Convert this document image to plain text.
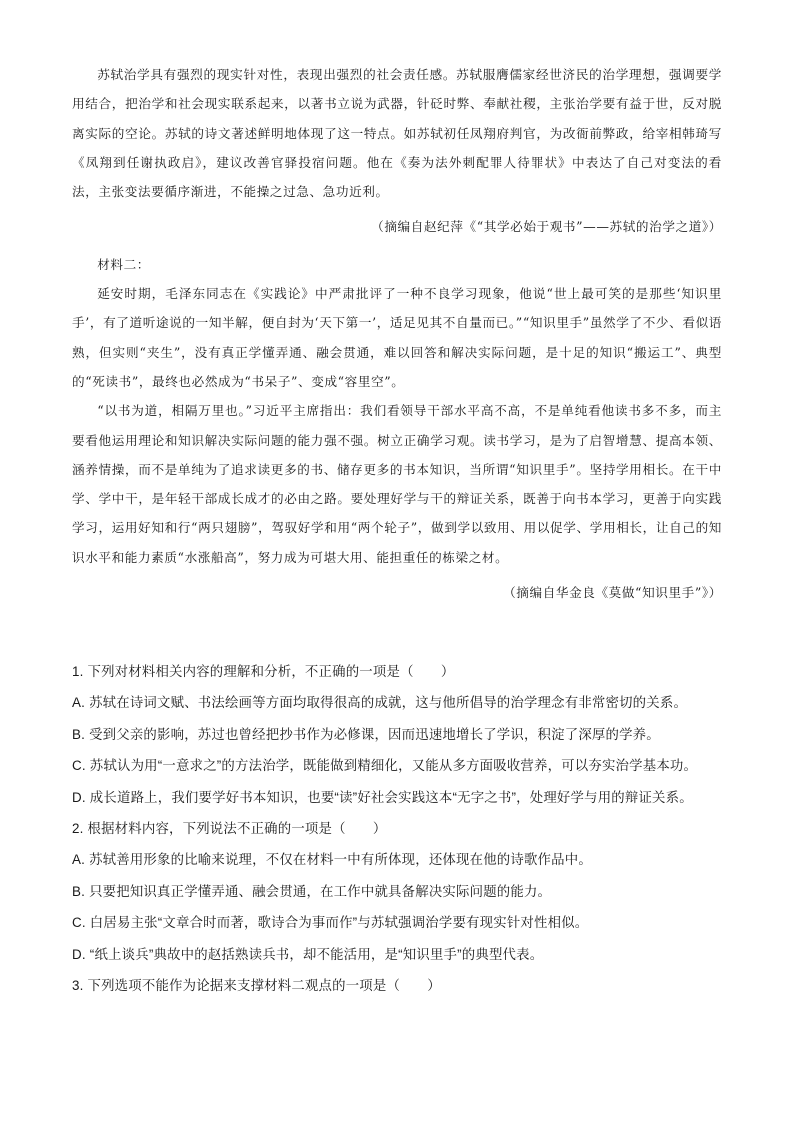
苏轼治学具有强烈的现实针对性，表现出强烈的社会责任感。苏轼服膺儒家经世济民的治学理想，强调要学用结合，把治学和社会现实联系起来，以著书立说为武器，针砭时弊、奉献社稷，主张治学要有益于世，反对脱离实际的空论。苏轼的诗文著述鲜明地体现了这一特点。如苏轼初任凤翔府判官，为改衙前弊政，给宰相韩琦写《凤翔到任谢执政启》，建议改善官驿投宿问题。他在《奏为法外刺配罪人待罪状》中表达了自己对变法的看法，主张变法要循序渐进，不能操之过急、急功近利。

（摘编自赵纪萍《“其学必始于观书”——苏轼的治学之道》）

材料二：

延安时期，毛泽东同志在《实践论》中严肃批评了一种不良学习现象，他说“世上最可笑的是那些‘知识里手’，有了道听途说的一知半解，便自封为‘天下第一’，适足见其不自量而已。”“知识里手”虽然学了不少、看似语熟，但实则“夹生”，没有真正学懂弄通、融会贯通，难以回答和解决实际问题，是十足的知识“搬运工”、典型的“死读书”，最终也必然成为“书呆子”、变成“容里空”。

“以书为道，相隔万里也。”习近平主席指出：我们看领导干部水平高不高，不是单纯看他读书多不多，而主要看他运用理论和知识解决实际问题的能力强不强。树立正确学习观。读书学习，是为了启智增慧、提高本领、涵养情操，而不是单纯为了追求读更多的书、储存更多的书本知识，当所谓“知识里手”。坚持学用相长。在干中学、学中干，是年轻干部成长成才的必由之路。要处理好学与干的辩证关系，既善于向书本学习，更善于向实践学习，运用好知和行“两只翅膀”，驾驭好学和用“两个轮子”，做到学以致用、用以促学、学用相长，让自己的知识水平和能力素质“水涨船高”，努力成为可堪大用、能担重任的栋梁之材。

（摘编自华金良《莫做“知识里手”》）

1. 下列对材料相关内容的理解和分析，不正确的一项是（　　）

A. 苏轼在诗词文赋、书法绘画等方面均取得很高的成就，这与他所倡导的治学理念有非常密切的关系。

B. 受到父亲的影响，苏过也曾经把抄书作为必修课，因而迅速地增长了学识，积淀了深厚的学养。

C. 苏轼认为用“一意求之”的方法治学，既能做到精细化，又能从多方面吸收营养，可以夯实治学基本功。

D. 成长道路上，我们要学好书本知识，也要“读”好社会实践这本“无字之书”，处理好学与用的辩证关系。

2. 根据材料内容，下列说法不正确的一项是（　　）

A. 苏轼善用形象的比喻来说理，不仅在材料一中有所体现，还体现在他的诗歌作品中。

B. 只要把知识真正学懂弄通、融会贯通，在工作中就具备解决实际问题的能力。

C. 白居易主张“文章合时而著，歌诗合为事而作”与苏轼强调治学要有现实针对性相似。

D. “纸上谈兵”典故中的赵括熟读兵书，却不能活用，是“知识里手”的典型代表。

3. 下列选项不能作为论据来支撑材料二观点的一项是（　　）
